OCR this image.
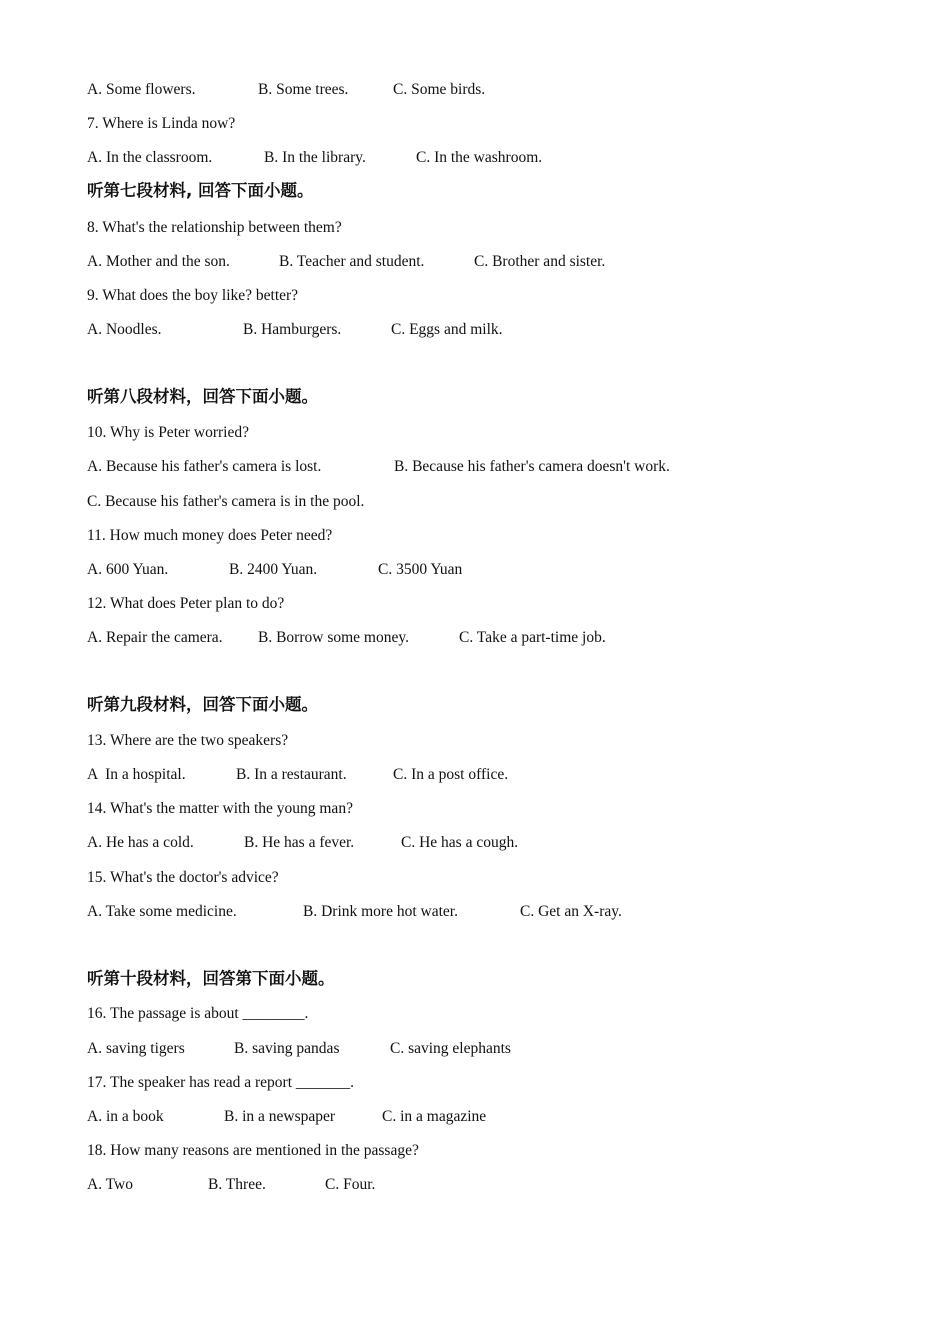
A. Some flowers.	B. Some trees.	C. Some birds.
7. Where is Linda now?
A. In the classroom.	B. In the library.	C. In the washroom.
听第七段材料, 回答下面小题。
8. What's the relationship between them?
A. Mother and the son.	B. Teacher and student.	C. Brother and sister.
9. What does the boy like? better?
A. Noodles.	B. Hamburgers.	C. Eggs and milk.
听第八段材料，回答下面小题。
10. Why is Peter worried?
A. Because his father's camera is lost.	B. Because his father's camera doesn't work.
C. Because his father's camera is in the pool.
11. How much money does Peter need?
A. 600 Yuan.	B. 2400 Yuan.	C. 3500 Yuan
12. What does Peter plan to do?
A. Repair the camera. B. Borrow some money.	C. Take a part-time job.
听第九段材料，回答下面小题。
13. Where are the two speakers?
A  In a hospital.	B. In a restaurant.	C. In a post office.
14. What's the matter with the young man?
A. He has a cold.	B. He has a fever.	C. He has a cough.
15. What's the doctor's advice?
A. Take some medicine.	B. Drink more hot water.	C. Get an X-ray.
听第十段材料，回答第下面小题。
16. The passage is about ________.
A. saving tigers	B. saving pandas	C. saving elephants
17. The speaker has read a report _______.
A. in a book	B. in a newspaper	C. in a magazine
18. How many reasons are mentioned in the passage?
A. Two	B. Three.	C. Four.
